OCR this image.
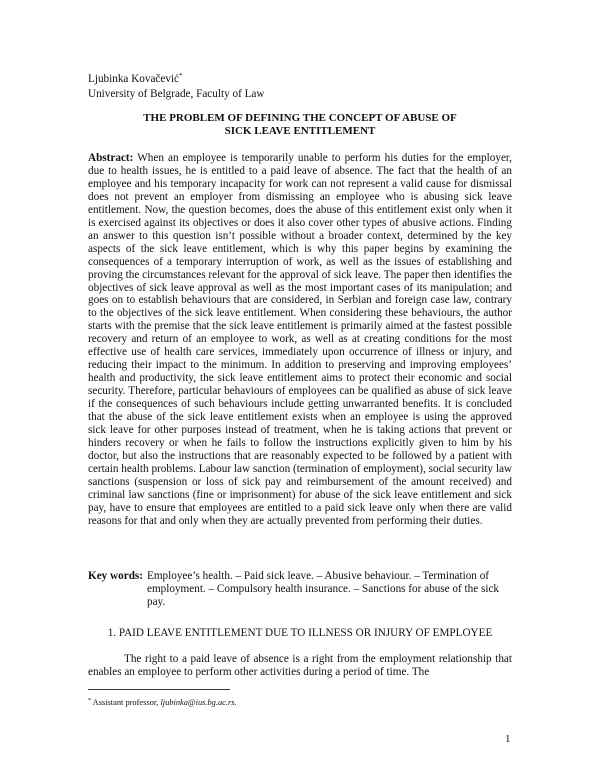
Ljubinka Kovačević*
University of Belgrade, Faculty of Law
THE PROBLEM OF DEFINING THE CONCEPT OF ABUSE OF
SICK LEAVE ENTITLEMENT
Abstract: When an employee is temporarily unable to perform his duties for the employer, due to health issues, he is entitled to a paid leave of absence. The fact that the health of an employee and his temporary incapacity for work can not represent a valid cause for dismissal does not prevent an employer from dismissing an employee who is abusing sick leave entitlement. Now, the question becomes, does the abuse of this entitlement exist only when it is exercised against its objectives or does it also cover other types of abusive actions. Finding an answer to this question isn’t possible without a broader context, determined by the key aspects of the sick leave entitlement, which is why this paper begins by examining the consequences of a temporary interruption of work, as well as the issues of establishing and proving the circumstances relevant for the approval of sick leave. The paper then identifies the objectives of sick leave approval as well as the most important cases of its manipulation; and goes on to establish behaviours that are considered, in Serbian and foreign case law, contrary to the objectives of the sick leave entitlement. When considering these behaviours, the author starts with the premise that the sick leave entitlement is primarily aimed at the fastest possible recovery and return of an employee to work, as well as at creating conditions for the most effective use of health care services, immediately upon occurrence of illness or injury, and reducing their impact to the minimum. In addition to preserving and improving employees’ health and productivity, the sick leave entitlement aims to protect their economic and social security. Therefore, particular behaviours of employees can be qualified as abuse of sick leave if the consequences of such behaviours include getting unwarranted benefits. It is concluded that the abuse of the sick leave entitlement exists when an employee is using the approved sick leave for other purposes instead of treatment, when he is taking actions that prevent or hinders recovery or when he fails to follow the instructions explicitly given to him by his doctor, but also the instructions that are reasonably expected to be followed by a patient with certain health problems. Labour law sanction (termination of employment), social security law sanctions (suspension or loss of sick pay and reimbursement of the amount received) and criminal law sanctions (fine or imprisonment) for abuse of the sick leave entitlement and sick pay, have to ensure that employees are entitled to a paid sick leave only when there are valid reasons for that and only when they are actually prevented from performing their duties.
Key words: Employee’s health. – Paid sick leave. – Abusive behaviour. – Termination of employment. – Compulsory health insurance. – Sanctions for abuse of the sick pay.
1. PAID LEAVE ENTITLEMENT DUE TO ILLNESS OR INJURY OF EMPLOYEE
The right to a paid leave of absence is a right from the employment relationship that enables an employee to perform other activities during a period of time. The
* Assistant professor, ljubinka@ius.bg.ac.rs.
1
